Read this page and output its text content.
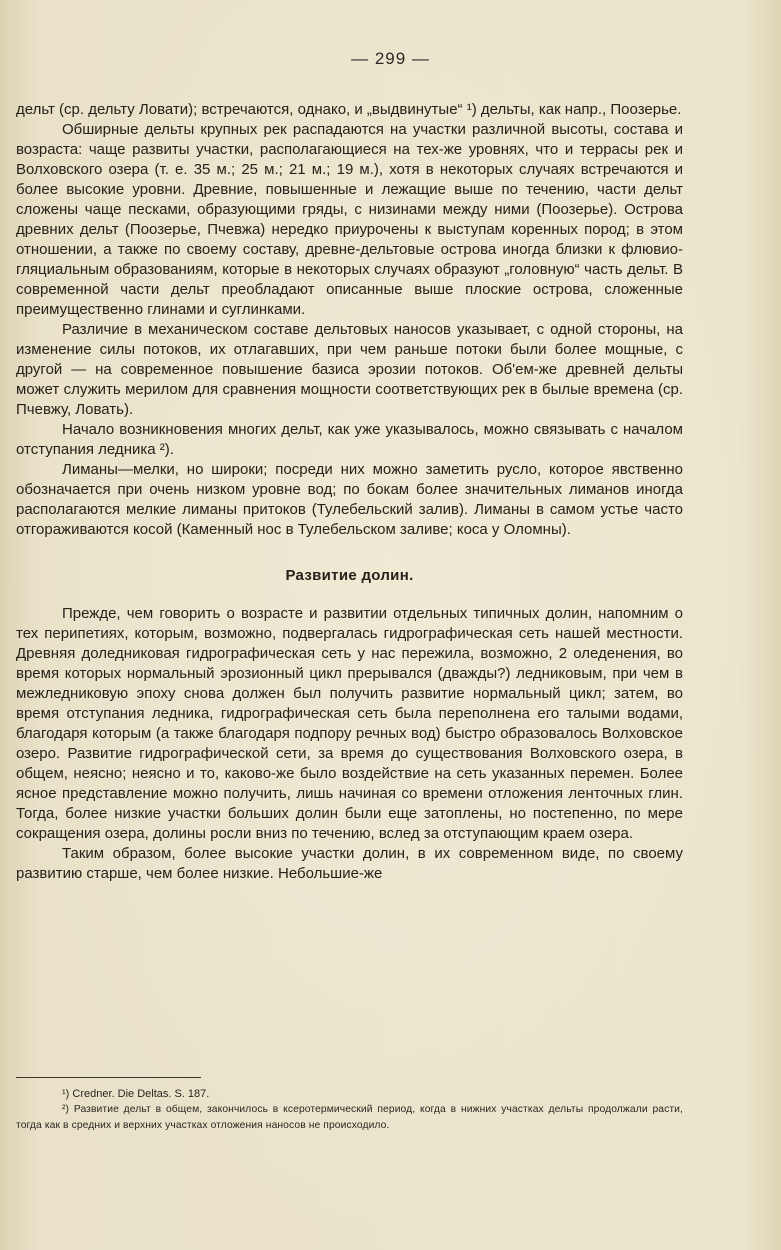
— 299 —

дельт (ср. дельту Ловати); встречаются, однако, и „выдвинутые“ ¹) дельты, как напр., Поозерье.

Обширные дельты крупных рек распадаются на участки различной высоты, состава и возраста: чаще развиты участки, располагающиеся на тех-же уровнях, что и террасы рек и Волховского озера (т. е. 35 м.; 25 м.; 21 м.; 19 м.), хотя в некоторых случаях встречаются и более высокие уровни. Древние, повышенные и лежащие выше по течению, части дельт сложены чаще песками, образующими гряды, с низинами между ними (Поозерье). Острова древних дельт (Поозерье, Пчевжа) нередко приурочены к выступам коренных пород; в этом отношении, а также по своему составу, древне-дельтовые острова иногда близки к флювио-гляциальным образованиям, которые в некоторых случаях образуют „головную“ часть дельт. В современной части дельт преобладают описанные выше плоские острова, сложенные преимущественно глинами и суглинками.

Различие в механическом составе дельтовых наносов указывает, с одной стороны, на изменение силы потоков, их отлагавших, при чем раньше потоки были более мощные, с другой — на современное повышение базиса эрозии потоков. Об'ем-же древней дельты может служить мерилом для сравнения мощности соответствующих рек в былые времена (ср. Пчевжу, Ловать).

Начало возникновения многих дельт, как уже указывалось, можно связывать с началом отступания ледника ²).

Лиманы—мелки, но широки; посреди них можно заметить русло, которое явственно обозначается при очень низком уровне вод; по бокам более значительных лиманов иногда располагаются мелкие лиманы притоков (Тулебельский залив). Лиманы в самом устье часто отгораживаются косой (Каменный нос в Тулебельском заливе; коса у Оломны).

Развитие долин.

Прежде, чем говорить о возрасте и развитии отдельных типичных долин, напомним о тех перипетиях, которым, возможно, подвергалась гидрографическая сеть нашей местности. Древняя доледниковая гидрографическая сеть у нас пережила, возможно, 2 оледенения, во время которых нормальный эрозионный цикл прерывался (дважды?) ледниковым, при чем в межледниковую эпоху снова должен был получить развитие нормальный цикл; затем, во время отступания ледника, гидрографическая сеть была переполнена его талыми водами, благодаря которым (а также благодаря подпору речных вод) быстро образовалось Волховское озеро. Развитие гидрографической сети, за время до существования Волховского озера, в общем, неясно; неясно и то, каково-же было воздействие на сеть указанных перемен. Более ясное представление можно получить, лишь начиная со времени отложения ленточных глин. Тогда, более низкие участки больших долин были еще затоплены, но постепенно, по мере сокращения озера, долины росли вниз по течению, вслед за отступающим краем озера.

Таким образом, более высокие участки долин, в их современном виде, по своему развитию старше, чем более низкие. Небольшие-же

¹) Credner. Die Deltas. S. 187.

²) Развитие дельт в общем, закончилось в ксеротермический период, когда в нижних участках дельты продолжали расти, тогда как в средних и верхних участках отложения наносов не происходило.
